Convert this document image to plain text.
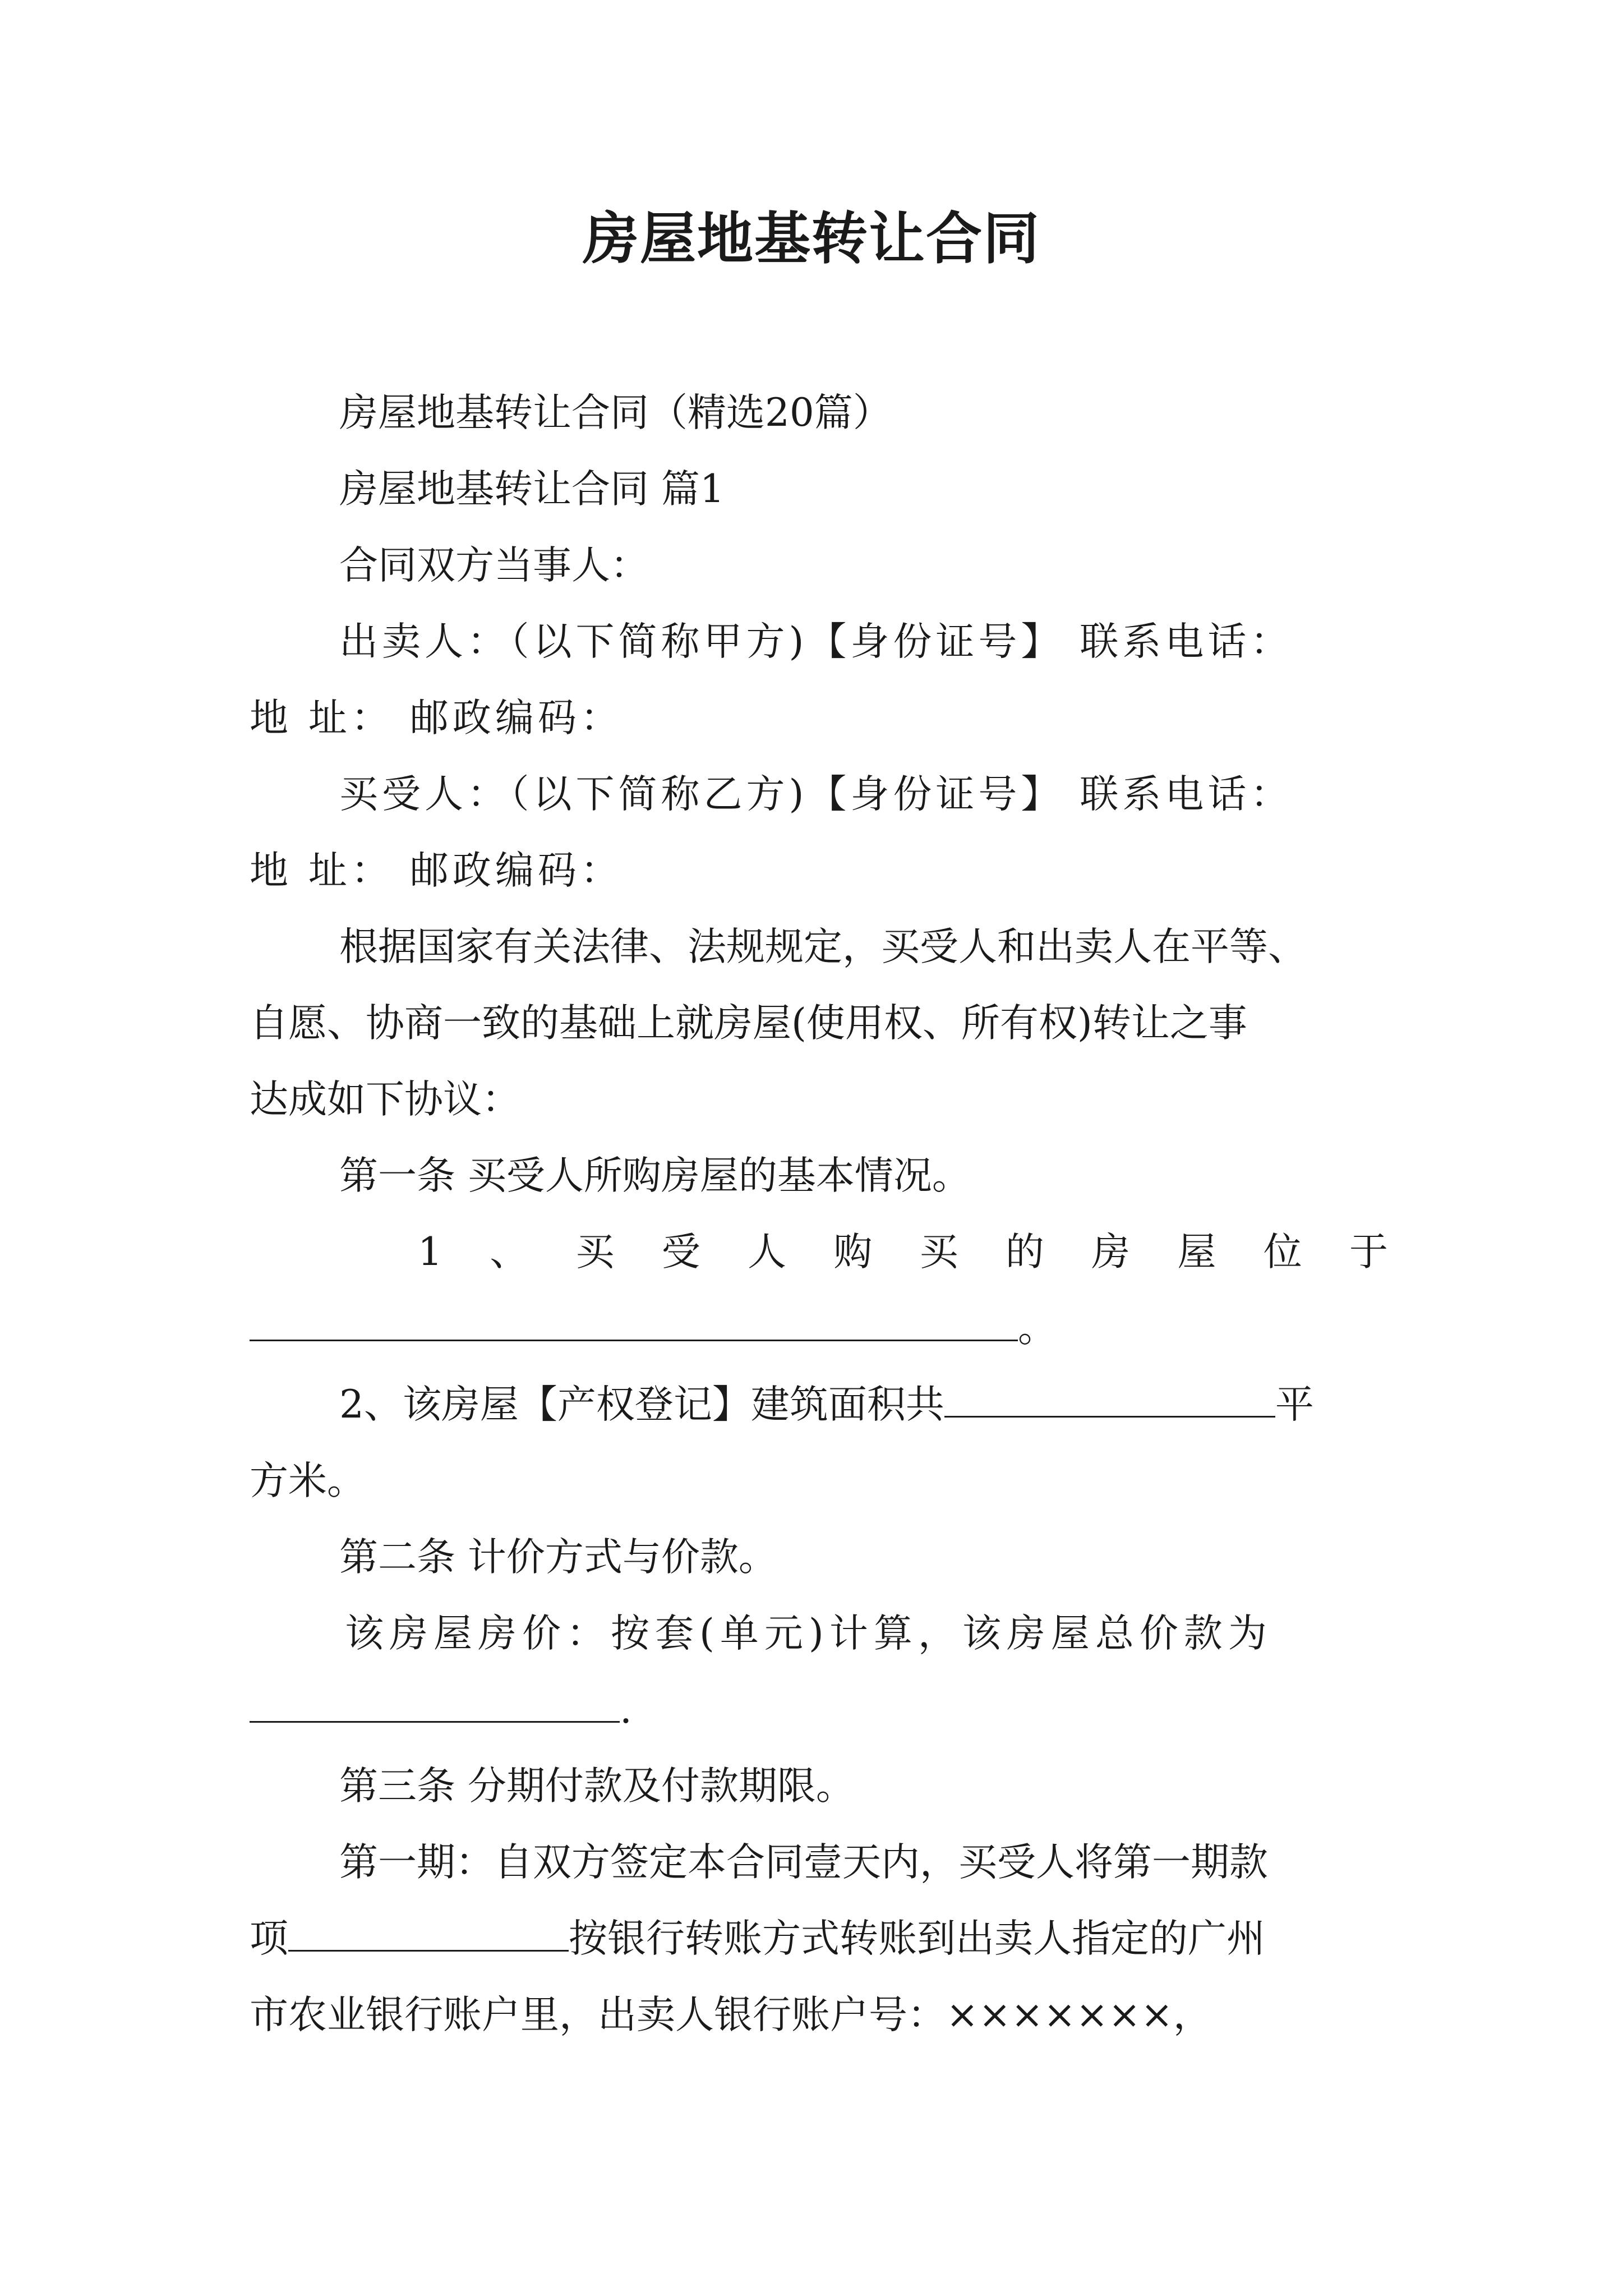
房屋地基转让合同

房屋地基转让合同（精选20篇）

房屋地基转让合同 篇1

合同双方当事人：

出卖人：（以下简称甲方)【身份证号】 联系电话：

地 址： 邮政编码：

买受人：（以下简称乙方)【身份证号】 联系电话：

地 址： 邮政编码：

根据国家有关法律、法规规定，买受人和出卖人在平等、

自愿、协商一致的基础上就房屋(使用权、所有权)转让之事

达成如下协议：

第一条 买受人所购房屋的基本情况。

1 、 买 受 人 购 买 的 房 屋 位 于

。

2、该房屋【产权登记】建筑面积共	平

方米。

第二条 计价方式与价款。

该房屋房价：按套(单元)计算，该房屋总价款为

.

第三条 分期付款及付款期限。

第一期：自双方签定本合同壹天内，买受人将第一期款

项	按银行转账方式转账到出卖人指定的广州

市农业银行账户里，出卖人银行账户号：×××××××，
